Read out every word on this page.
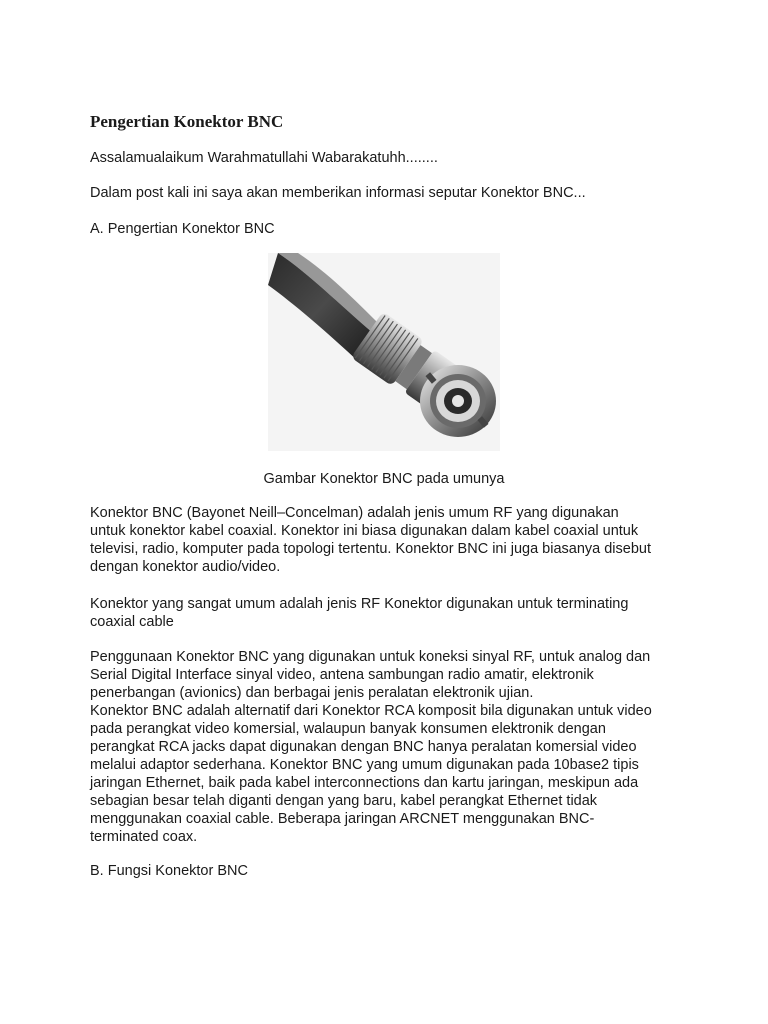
Pengertian Konektor BNC

Assalamualaikum Warahmatullahi Wabarakatuhh........

Dalam post kali ini saya akan memberikan informasi seputar Konektor BNC...

A. Pengertian Konektor BNC

Gambar Konektor BNC pada umunya

Konektor BNC (Bayonet Neill–Concelman) adalah jenis umum RF yang digunakan
untuk konektor kabel coaxial. Konektor ini biasa digunakan dalam kabel coaxial untuk
televisi, radio, komputer pada topologi tertentu. Konektor BNC ini juga biasanya disebut
dengan konektor audio/video.

Konektor yang sangat umum adalah jenis RF Konektor digunakan untuk terminating
coaxial cable

Penggunaan Konektor BNC yang digunakan untuk koneksi sinyal RF, untuk analog dan
Serial Digital Interface sinyal video, antena sambungan radio amatir, elektronik
penerbangan (avionics) dan berbagai jenis peralatan elektronik ujian.
Konektor BNC adalah alternatif dari Konektor RCA komposit bila digunakan untuk video
pada perangkat video komersial, walaupun banyak konsumen elektronik dengan
perangkat RCA jacks dapat digunakan dengan BNC hanya peralatan komersial video
melalui adaptor sederhana. Konektor BNC yang umum digunakan pada 10base2 tipis
jaringan Ethernet, baik pada kabel interconnections dan kartu jaringan, meskipun ada
sebagian besar telah diganti dengan yang baru, kabel perangkat Ethernet tidak
menggunakan coaxial cable. Beberapa jaringan ARCNET menggunakan BNC-
terminated coax.

B. Fungsi Konektor BNC
